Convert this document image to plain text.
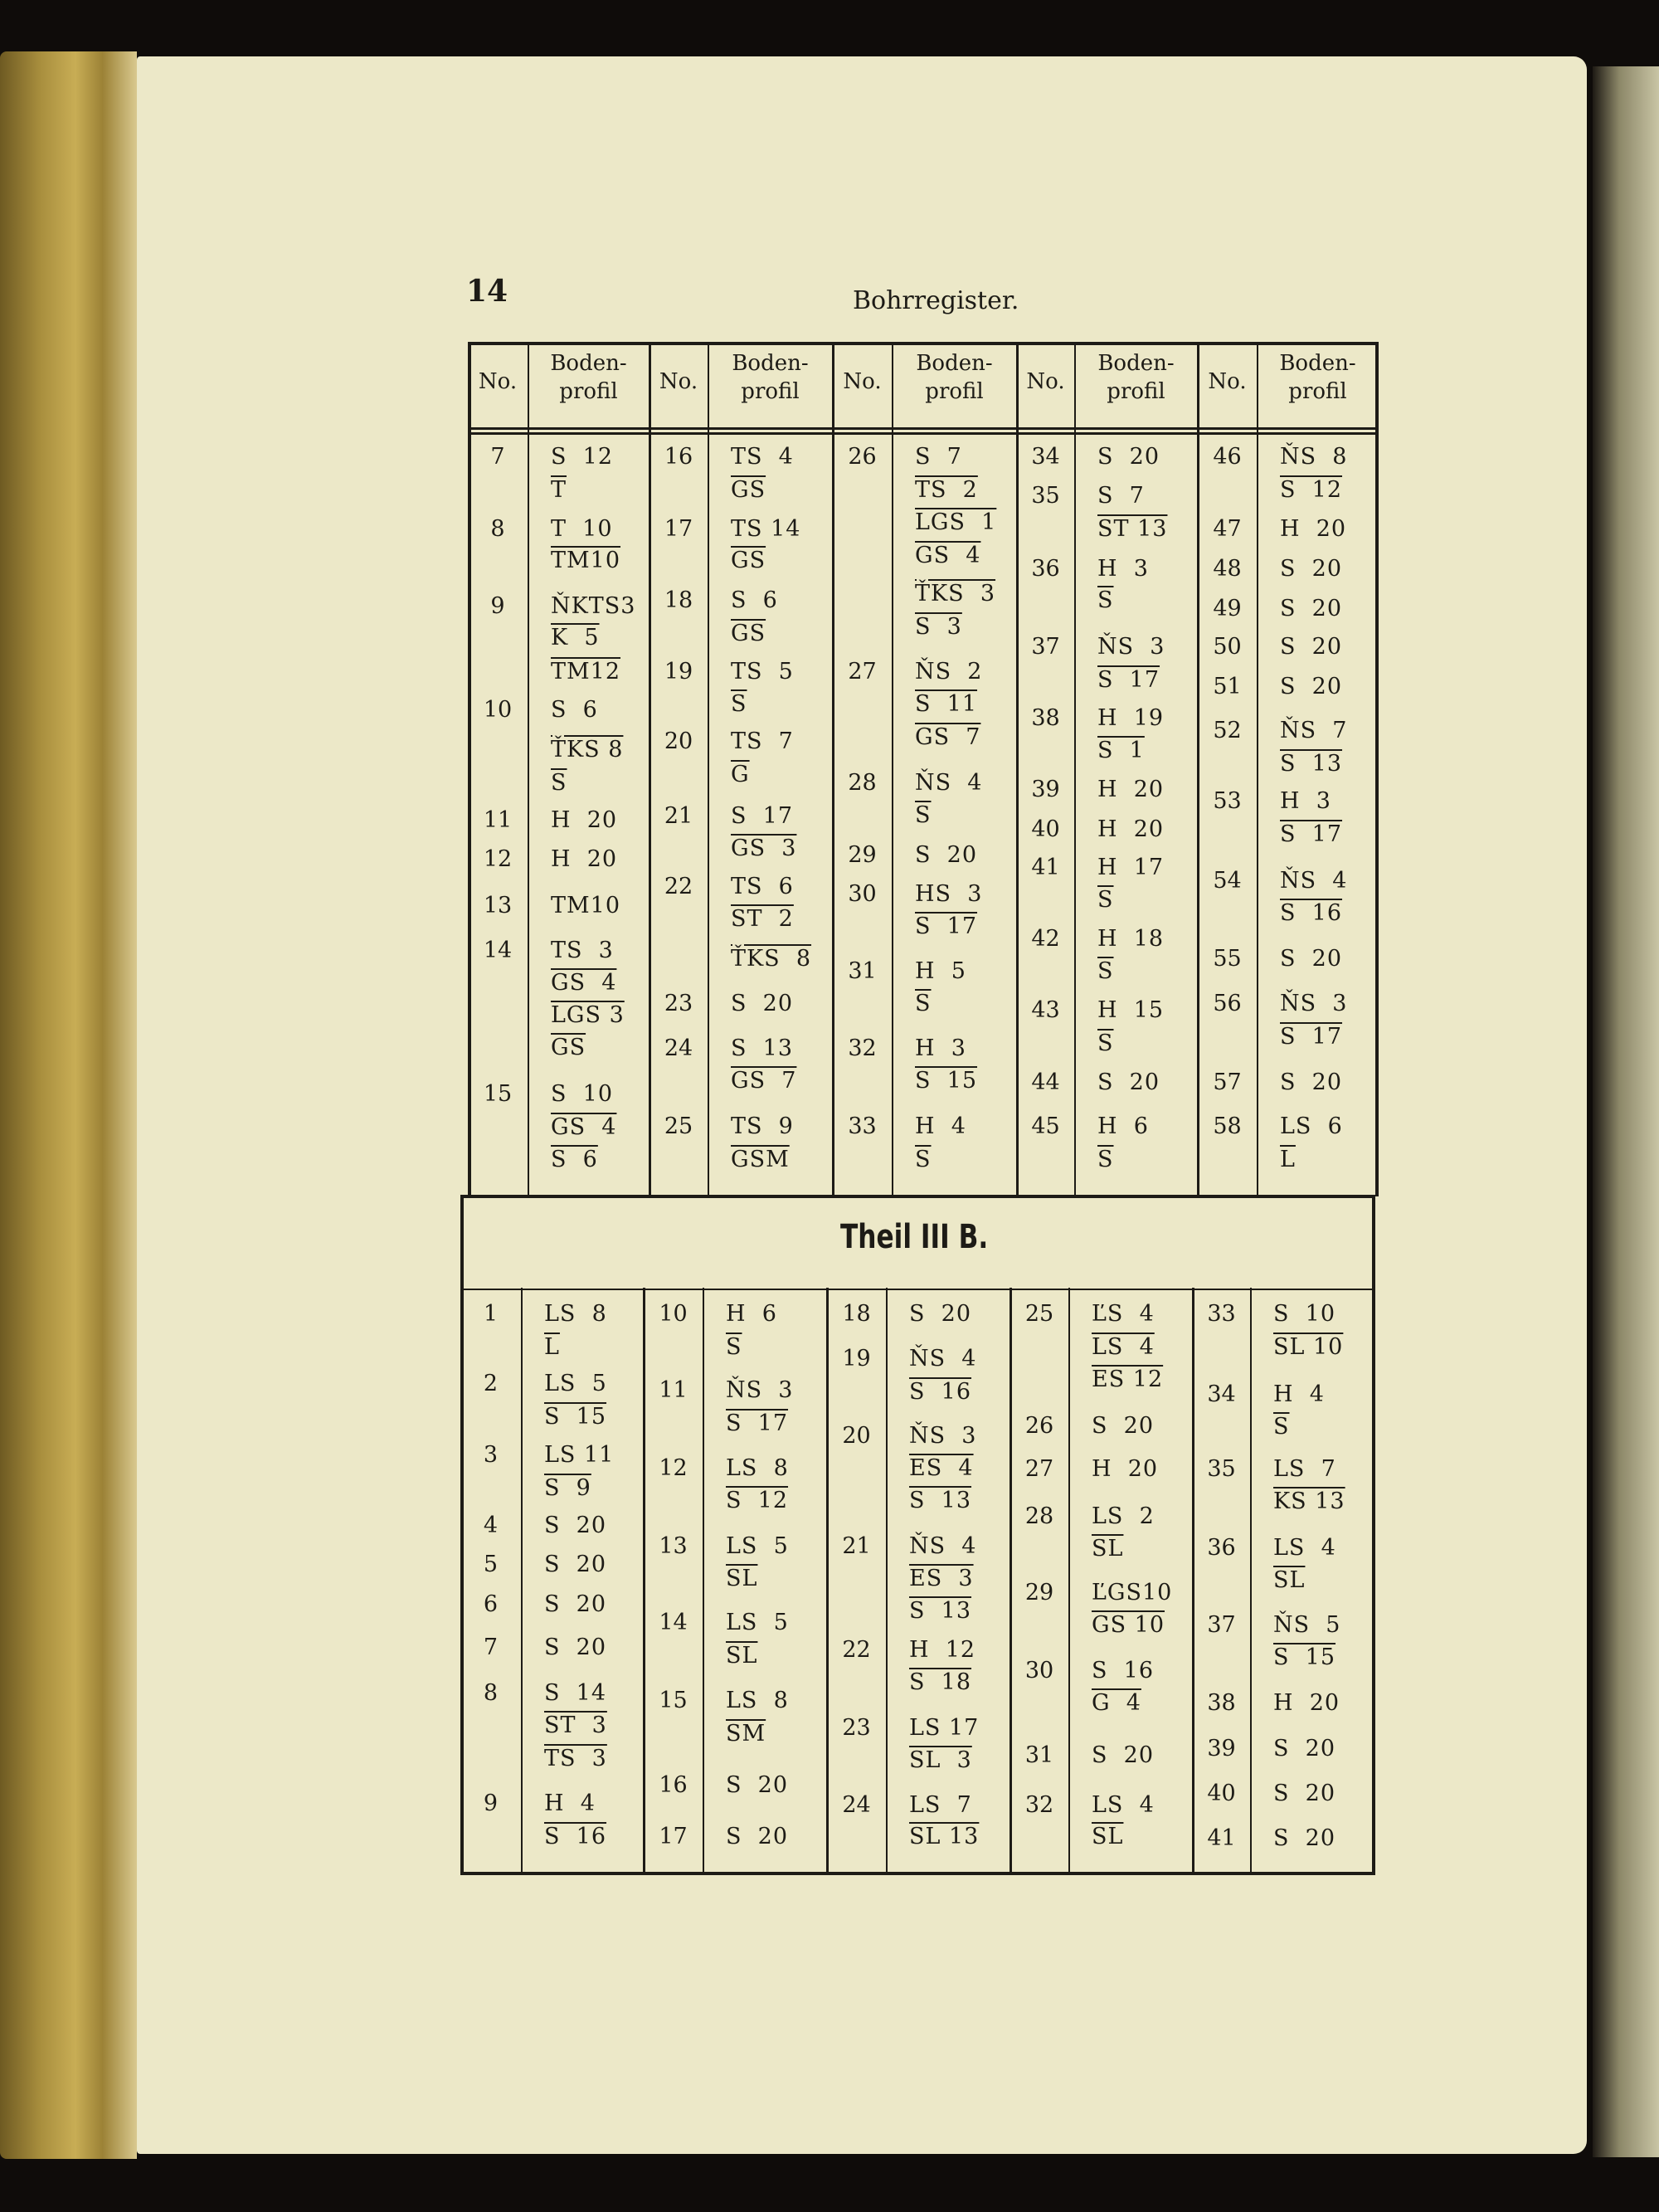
14	Bohrregister.
Theil III B.
No.
Boden-
profil
7
8
9
10
11
12
13
14
15
S  12
$\overline{T}$
T  10
TM10
ŇKTS3
K  5
TM12
S  6
ŤKS 8
$\overline{S}$
H  20
H  20
TM10
TS  3
GS  4
LGS 3
$\overline{GS}$
S  10
GS  4
S  6
No.
Boden-
profil
16
17
18
19
20
21
22
23
24
25
TS  4
$\overline{GS}$
TS 14
$\overline{GS}$
S  6
$\overline{GS}$
TS  5
$\overline{S}$
TS  7
$\overline{G}$
S  17
GS  3
TS  6
ST  2
ŤKS  8
S  20
S  13
GS  7
TS  9
$\overline{GSM}$
No.
Boden-
profil
26
27
28
29
30
31
32
33
S  7
TS  2
LGS  1
GS  4
ŤKS  3
S  3
ŇS  2
S  11
GS  7
ŇS  4
$\overline{S}$
S  20
HS  3
S  17
H  5
$\overline{S}$
H  3
S  15
H  4
$\overline{S}$
No.
Boden-
profil
34
35
36
37
38
39
40
41
42
43
44
45
S  20
S  7
ST 13
H  3
$\overline{S}$
ŇS  3
S  17
H  19
S  1
H  20
H  20
H  17
$\overline{S}$
H  18
$\overline{S}$
H  15
$\overline{S}$
S  20
H  6
$\overline{S}$
No.
Boden-
profil
46
47
48
49
50
51
52
53
54
55
56
57
58
ŇS  8
S  12
H  20
S  20
S  20
S  20
S  20
ŇS  7
S  13
H  3
S  17
ŇS  4
S  16
S  20
ŇS  3
S  17
S  20
LS  6
$\overline{L}$
1
2
3
4
5
6
7
8
9
LS  8
$\overline{L}$
LS  5
S  15
LS 11
S  9
S  20
S  20
S  20
S  20
S  14
ST  3
TS  3
H  4
S  16
10
11
12
13
14
15
16
17
H  6
$\overline{S}$
ŇS  3
S  17
LS  8
S  12
LS  5
$\overline{SL}$
LS  5
$\overline{SL}$
LS  8
$\overline{SM}$
S  20
S  20
18
19
20
21
22
23
24
S  20
ŇS  4
S  16
ŇS  3
ES  4
S  13
ŇS  4
ES  3
S  13
H  12
S  18
LS 17
SL  3
LS  7
SL 13
25
26
27
28
29
30
31
32
ĽS  4
LS  4
ES 12
S  20
H  20
LS  2
$\overline{SL}$
ĽGS10
GS 10
S  16
G  4
S  20
LS  4
$\overline{SL}$
33
34
35
36
37
38
39
40
41
S  10
SL 10
H  4
$\overline{S}$
LS  7
KS 13
LS  4
$\overline{SL}$
ŇS  5
S  15
H  20
S  20
S  20
S  20
